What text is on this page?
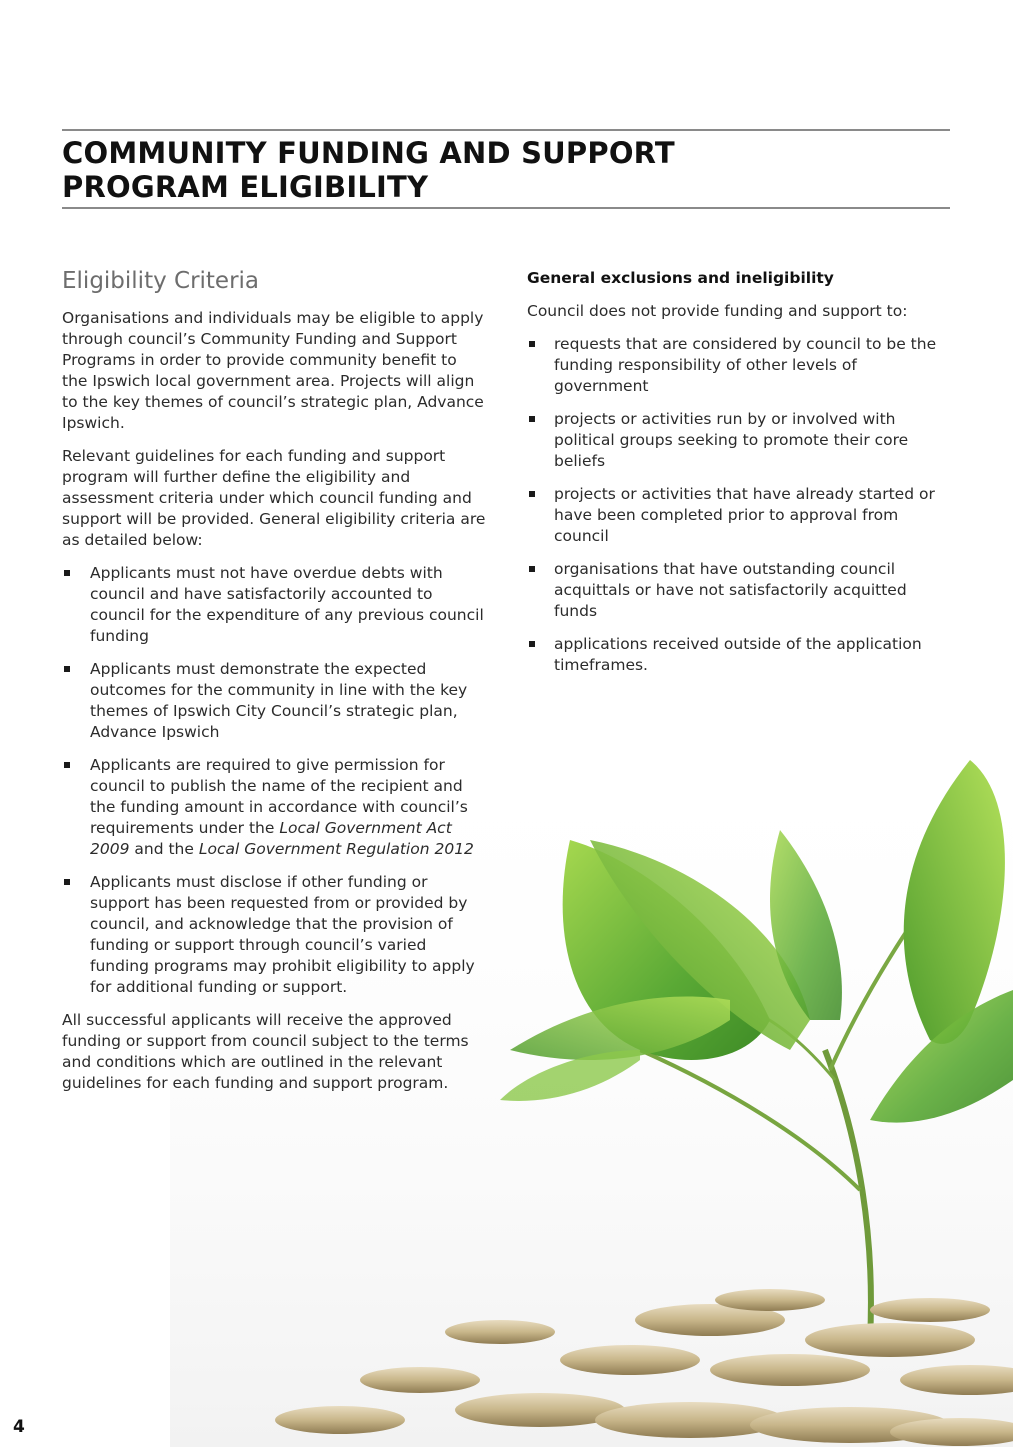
COMMUNITY FUNDING AND SUPPORT
PROGRAM ELIGIBILITY
Eligibility Criteria

Organisations and individuals may be eligible to apply through council’s Community Funding and Support Programs in order to provide community benefit to the Ipswich local government area. Projects will align to the key themes of council’s strategic plan, Advance Ipswich.

Relevant guidelines for each funding and support program will further define the eligibility and assessment criteria under which council funding and support will be provided. General eligibility criteria are as detailed below:

Applicants must not have overdue debts with council and have satisfactorily accounted to council for the expenditure of any previous council funding
Applicants must demonstrate the expected outcomes for the community in line with the key themes of Ipswich City Council’s strategic plan, Advance Ipswich
Applicants are required to give permission for council to publish the name of the recipient and the funding amount in accordance with council’s requirements under the Local Government Act 2009 and the Local Government Regulation 2012
Applicants must disclose if other funding or support has been requested from or provided by council, and acknowledge that the provision of funding or support through council’s varied funding programs may prohibit eligibility to apply for additional funding or support.

All successful applicants will receive the approved funding or support from council subject to the terms and conditions which are outlined in the relevant guidelines for each funding and support program.

General exclusions and ineligibility

Council does not provide funding and support to:

requests that are considered by council to be the funding responsibility of other levels of government
projects or activities run by or involved with political groups seeking to promote their core beliefs
projects or activities that have already started or have been completed prior to approval from council
organisations that have outstanding council acquittals or have not satisfactorily acquitted funds
applications received outside of the application timeframes.
4
